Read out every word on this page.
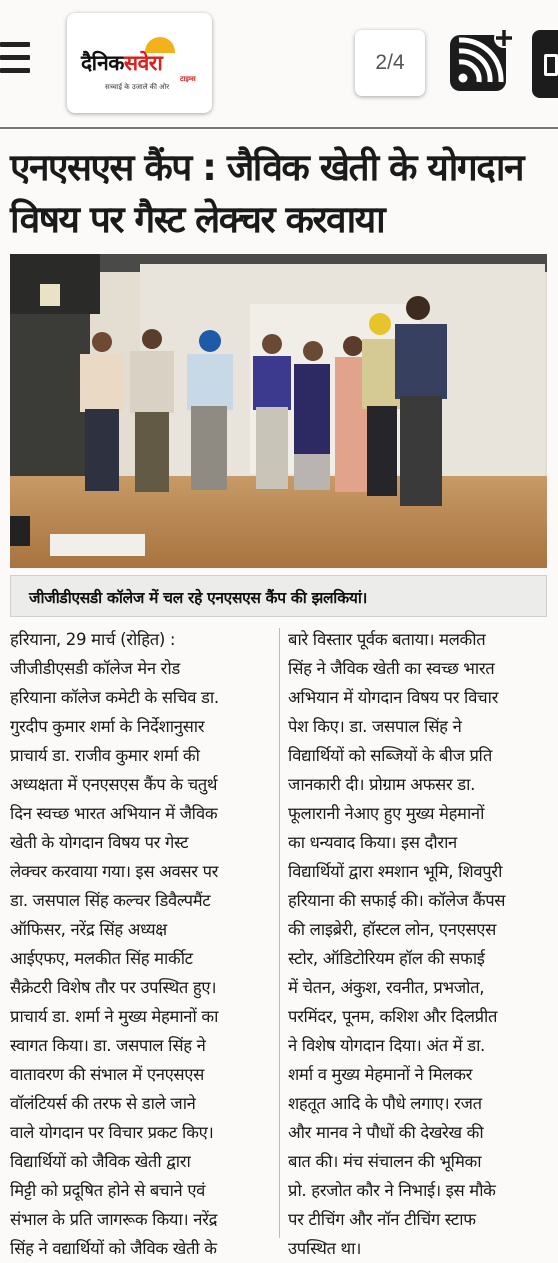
दैनिकसवेरा
टाइम्स
सच्चाई के उजाले की ओर
2/4
एनएसएस कैंप : जैविक खेती के योगदान
विषय पर गैस्ट लेक्चर करवाया
जीजीडीएसडी कॉलेज में चल रहे एनएसएस कैंप की झलकियां।
हरियाना, 29 मार्च (रोहित) :
जीजीडीएसडी कॉलेज मेन रोड
हरियाना कॉलेज कमेटी के सचिव डा.
गुरदीप कुमार शर्मा के निर्देशानुसार
प्राचार्य डा. राजीव कुमार शर्मा की
अध्यक्षता में एनएसएस कैंप के चतुर्थ
दिन स्वच्छ भारत अभियान में जैविक
खेती के योगदान विषय पर गेस्ट
लेक्चर करवाया गया। इस अवसर पर
डा. जसपाल सिंह कल्चर डिवैल्पमैंट
ऑफिसर, नरेंद्र सिंह अध्यक्ष
आईएफए, मलकीत सिंह मार्कीट
सैक्रेटरी विशेष तौर पर उपस्थित हुए।
प्राचार्य डा. शर्मा ने मुख्य मेहमानों का
स्वागत किया। डा. जसपाल सिंह ने
वातावरण की संभाल में एनएसएस
वॉलंटियर्स की तरफ से डाले जाने
वाले योगदान पर विचार प्रकट किए।
विद्यार्थियों को जैविक खेती द्वारा
मिट्टी को प्रदूषित होने से बचाने एवं
संभाल के प्रति जागरूक किया। नरेंद्र
सिंह ने वद्यार्थियों को जैविक खेती के
बारे विस्तार पूर्वक बताया। मलकीत
सिंह ने जैविक खेती का स्वच्छ भारत
अभियान में योगदान विषय पर विचार
पेश किए। डा. जसपाल सिंह ने
विद्यार्थियों को सब्जियों के बीज प्रति
जानकारी दी। प्रोग्राम अफसर डा.
फूलारानी नेआए हुए मुख्य मेहमानों
का धन्यवाद किया। इस दौरान
विद्यार्थियों द्वारा श्मशान भूमि, शिवपुरी
हरियाना की सफाई की। कॉलेज कैंपस
की लाइब्रेरी, हॉस्टल लोन, एनएसएस
स्टोर, ऑडिटोरियम हॉल की सफाई
में चेतन, अंकुश, रवनीत, प्रभजोत,
परमिंदर, पूनम, कशिश और दिलप्रीत
ने विशेष योगदान दिया। अंत में डा.
शर्मा व मुख्य मेहमानों ने मिलकर
शहतूत आदि के पौधे लगाए। रजत
और मानव ने पौधों की देखरेख की
बात की। मंच संचालन की भूमिका
प्रो. हरजोत कौर ने निभाई। इस मौके
पर टीचिंग और नॉन टीचिंग स्टाफ
उपस्थित था।
